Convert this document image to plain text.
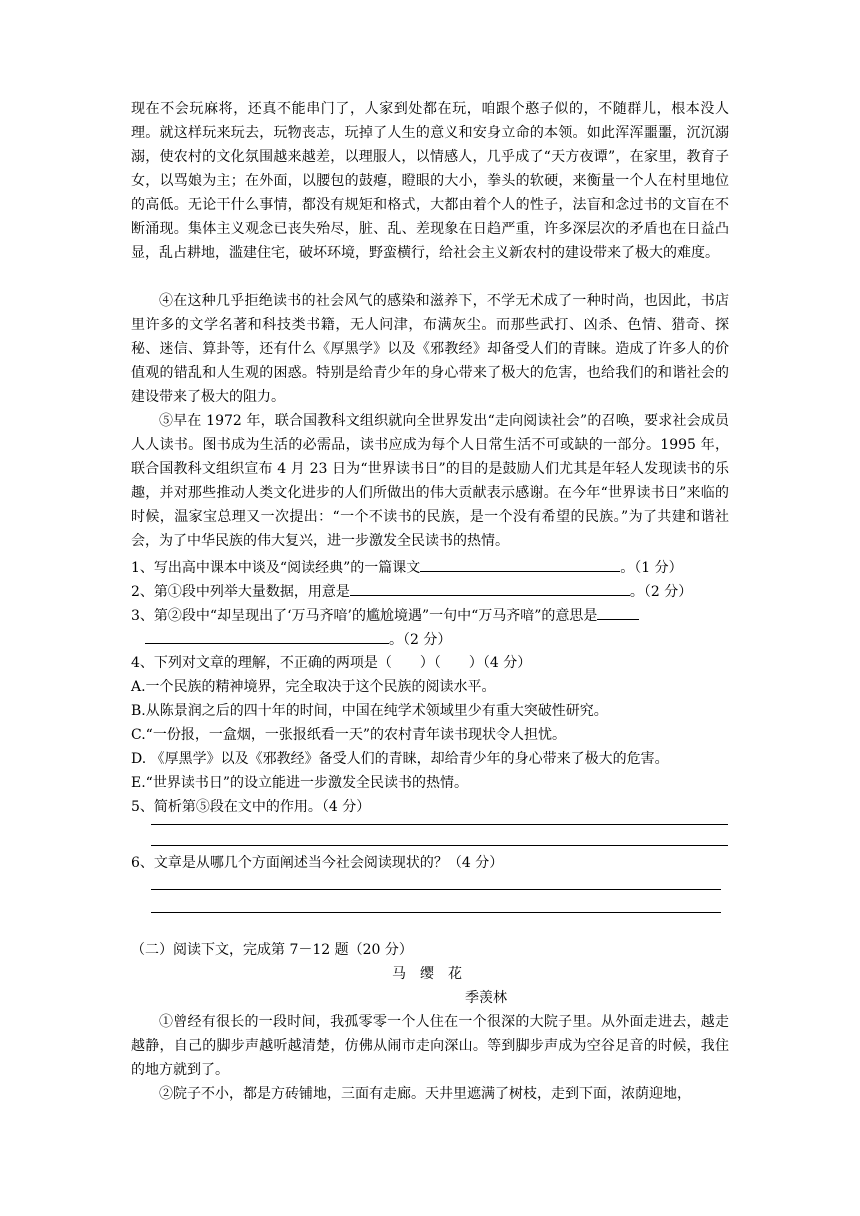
现在不会玩麻将，还真不能串门了，人家到处都在玩，咱跟个憨子似的，不随群儿，根本没人理。就这样玩来玩去，玩物丧志，玩掉了人生的意义和安身立命的本领。如此浑浑噩噩，沉沉溺溺，使农村的文化氛围越来越差，以理服人，以情感人，几乎成了“天方夜谭”，在家里，教育子女，以骂娘为主；在外面，以腰包的鼓瘪，瞪眼的大小，拳头的软硬，来衡量一个人在村里地位的高低。无论干什么事情，都没有规矩和格式，大都由着个人的性子，法盲和念过书的文盲在不断涌现。集体主义观念已丧失殆尽，脏、乱、差现象在日趋严重，许多深层次的矛盾也在日益凸显，乱占耕地，滥建住宅，破坏环境，野蛮横行，给社会主义新农村的建设带来了极大的难度。
④在这种几乎拒绝读书的社会风气的感染和滋养下，不学无术成了一种时尚，也因此，书店里许多的文学名著和科技类书籍，无人问津，布满灰尘。而那些武打、凶杀、色情、猎奇、探秘、迷信、算卦等，还有什么《厚黑学》以及《邪教经》却备受人们的青睐。造成了许多人的价值观的错乱和人生观的困惑。特别是给青少年的身心带来了极大的危害，也给我们的和谐社会的建设带来了极大的阻力。
⑤早在 1972 年，联合国教科文组织就向全世界发出“走向阅读社会”的召唤，要求社会成员人人读书。图书成为生活的必需品，读书应成为每个人日常生活不可或缺的一部分。1995 年，联合国教科文组织宣布 4 月 23 日为“世界读书日”的目的是鼓励人们尤其是年轻人发现读书的乐趣，并对那些推动人类文化进步的人们所做出的伟大贡献表示感谢。在今年“世界读书日”来临的时候，温家宝总理又一次提出：“一个不读书的民族，是一个没有希望的民族。”为了共建和谐社会，为了中华民族的伟大复兴，进一步激发全民读书的热情。
1、写出高中课本中谈及“阅读经典”的一篇课文	。（1 分）
2、第①段中列举大量数据，用意是	。（2 分）
3、第②段中“却呈现出了‘万马齐喑’的尴尬境遇”一句中“万马齐喑”的意思是
。（2 分）
4、下列对文章的理解，不正确的两项是（　　）（　　）（4 分）
A.一个民族的精神境界，完全取决于这个民族的阅读水平。
B.从陈景润之后的四十年的时间，中国在纯学术领域里少有重大突破性研究。
C.“一份报，一盒烟，一张报纸看一天”的农村青年读书现状令人担忧。
D. 《厚黑学》以及《邪教经》备受人们的青睐，却给青少年的身心带来了极大的危害。
E.“世界读书日”的设立能进一步激发全民读书的热情。
5、简析第⑤段在文中的作用。（4 分）
6、文章是从哪几个方面阐述当今社会阅读现状的？（4 分）
（二）阅读下文，完成第 7－12 题（20 分）
马　缨　花
季羡林
①曾经有很长的一段时间，我孤零零一个人住在一个很深的大院子里。从外面走进去，越走越静，自己的脚步声越听越清楚，仿佛从闹市走向深山。等到脚步声成为空谷足音的时候，我住的地方就到了。
②院子不小，都是方砖铺地，三面有走廊。天井里遮满了树枝，走到下面，浓荫迎地，
